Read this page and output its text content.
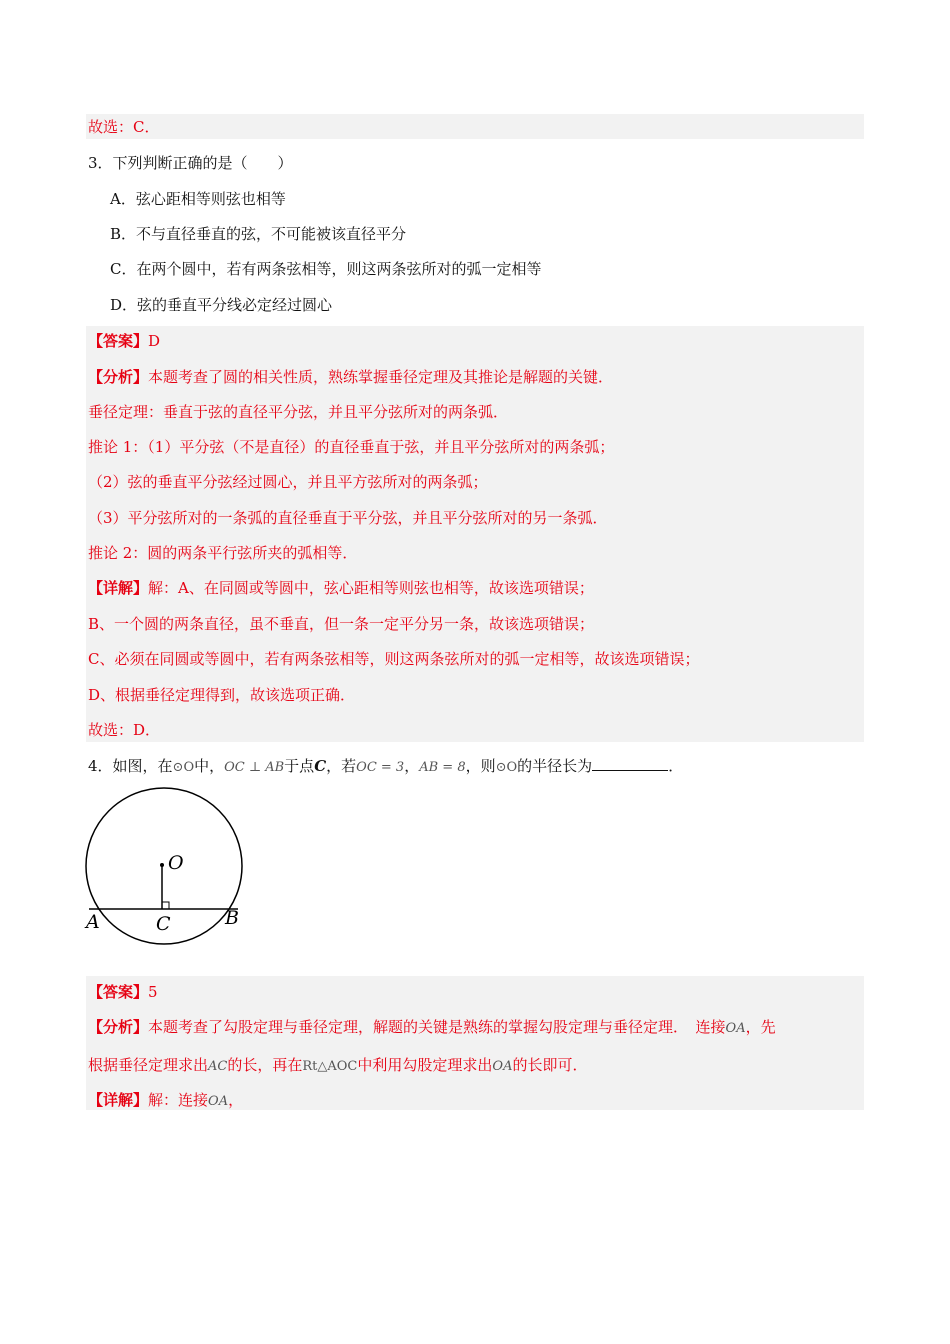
故选：C．
3．下列判断正确的是（　　）
A．弦心距相等则弦也相等
B．不与直径垂直的弦，不可能被该直径平分
C．在两个圆中，若有两条弦相等，则这两条弦所对的弧一定相等
D．弦的垂直平分线必定经过圆心
【答案】D
【分析】本题考查了圆的相关性质，熟练掌握垂径定理及其推论是解题的关键．
垂径定理：垂直于弦的直径平分弦，并且平分弦所对的两条弧．
推论 1：（1）平分弦（不是直径）的直径垂直于弦，并且平分弦所对的两条弧；
（2）弦的垂直平分弦经过圆心，并且平方弦所对的两条弧；
（3）平分弦所对的一条弧的直径垂直于平分弦，并且平分弦所对的另一条弧．
推论 2：圆的两条平行弦所夹的弧相等．
【详解】解：A、在同圆或等圆中，弦心距相等则弦也相等，故该选项错误；
B、一个圆的两条直径，虽不垂直，但一条一定平分另一条，故该选项错误；
C、必须在同圆或等圆中，若有两条弦相等，则这两条弦所对的弧一定相等，故该选项错误；
D、根据垂径定理得到，故该选项正确．
故选：D．
4．如图，在⊙O中，OC ⊥ AB于点C，若OC = 3，AB = 8，则⊙O的半径长为	．
O
A	B
C
【答案】5
【分析】本题考查了勾股定理与垂径定理，解题的关键是熟练的掌握勾股定理与垂径定理．　连接OA，先
根据垂径定理求出AC的长，再在Rt△AOC中利用勾股定理求出OA的长即可．
【详解】解：连接OA，
